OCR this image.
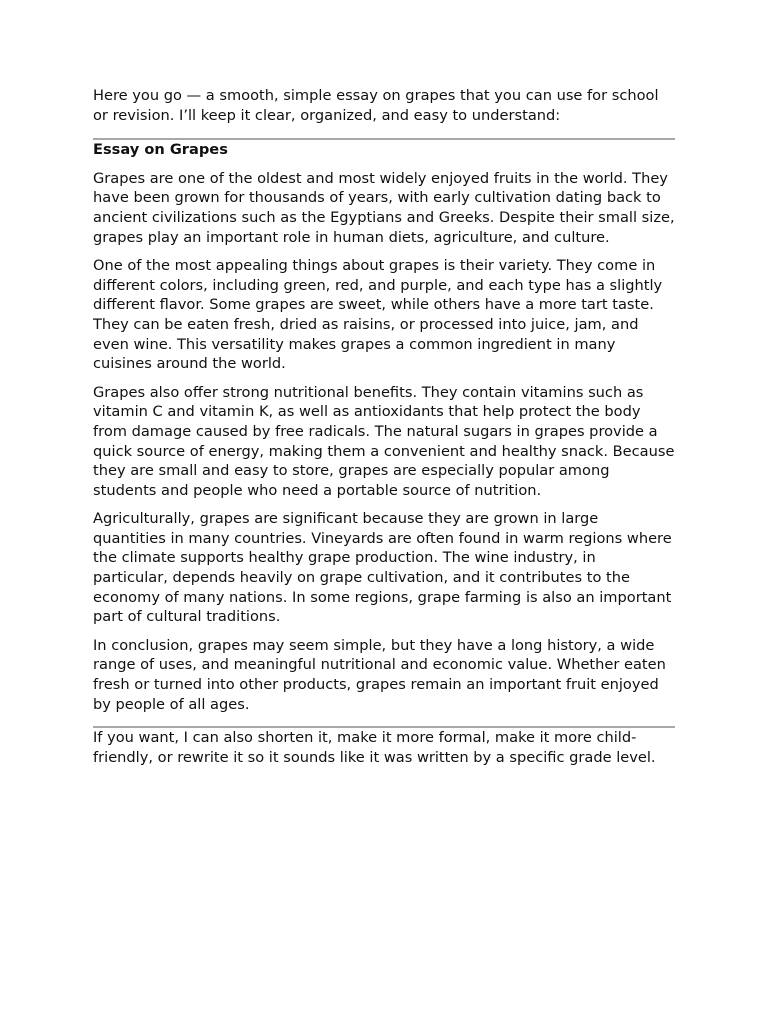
Here you go — a smooth, simple essay on grapes that you can use for school or revision. I’ll keep it clear, organized, and easy to understand:

Essay on Grapes

Grapes are one of the oldest and most widely enjoyed fruits in the world. They have been grown for thousands of years, with early cultivation dating back to ancient civilizations such as the Egyptians and Greeks. Despite their small size, grapes play an important role in human diets, agriculture, and culture.

One of the most appealing things about grapes is their variety. They come in different colors, including green, red, and purple, and each type has a slightly different flavor. Some grapes are sweet, while others have a more tart taste. They can be eaten fresh, dried as raisins, or processed into juice, jam, and even wine. This versatility makes grapes a common ingredient in many cuisines around the world.

Grapes also offer strong nutritional benefits. They contain vitamins such as vitamin C and vitamin K, as well as antioxidants that help protect the body from damage caused by free radicals. The natural sugars in grapes provide a quick source of energy, making them a convenient and healthy snack. Because they are small and easy to store, grapes are especially popular among students and people who need a portable source of nutrition.

Agriculturally, grapes are significant because they are grown in large quantities in many countries. Vineyards are often found in warm regions where the climate supports healthy grape production. The wine industry, in particular, depends heavily on grape cultivation, and it contributes to the economy of many nations. In some regions, grape farming is also an important part of cultural traditions.

In conclusion, grapes may seem simple, but they have a long history, a wide range of uses, and meaningful nutritional and economic value. Whether eaten fresh or turned into other products, grapes remain an important fruit enjoyed by people of all ages.

If you want, I can also shorten it, make it more formal, make it more child-friendly, or rewrite it so it sounds like it was written by a specific grade level.
